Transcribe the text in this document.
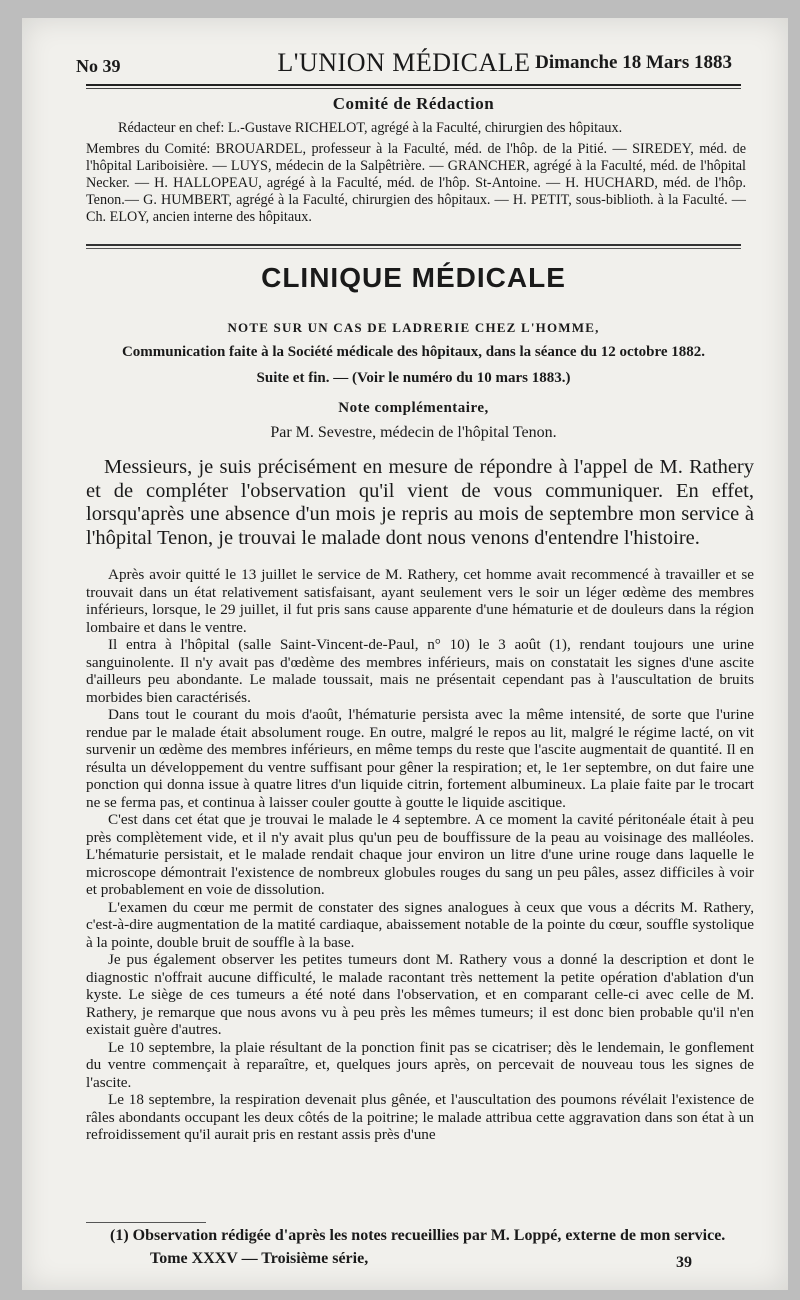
No 39	L'UNION MÉDICALE Dimanche 18 Mars 1883
Comité de Rédaction

Rédacteur en chef: L.-Gustave RICHELOT, agrégé à la Faculté, chirurgien des hôpitaux.

Membres du Comité: BROUARDEL, professeur à la Faculté, méd. de l'hôp. de la Pitié. — SIREDEY, méd. de l'hôpital Lariboisière. — LUYS, médecin de la Salpêtrière. — GRANCHER, agrégé à la Faculté, méd. de l'hôpital Necker. — H. HALLOPEAU, agrégé à la Faculté, méd. de l'hôp. St-Antoine. — H. HUCHARD, méd. de l'hôp. Tenon.— G. HUMBERT, agrégé à la Faculté, chirurgien des hôpitaux. — H. PETIT, sous-biblioth. à la Faculté. — Ch. ELOY, ancien interne des hôpitaux.

CLINIQUE MÉDICALE
NOTE SUR UN CAS DE LADRERIE CHEZ L'HOMME,
Communication faite à la Société médicale des hôpitaux, dans la séance du 12 octobre 1882.
Suite et fin. — (Voir le numéro du 10 mars 1883.)
Note complémentaire,
Par M. Sevestre, médecin de l'hôpital Tenon.

Messieurs, je suis précisément en mesure de répondre à l'appel de M. Rathery et de compléter l'observation qu'il vient de vous communiquer. En effet, lorsqu'après une absence d'un mois je repris au mois de septembre mon service à l'hôpital Tenon, je trouvai le malade dont nous venons d'entendre l'histoire.

Après avoir quitté le 13 juillet le service de M. Rathery, cet homme avait recommencé à travailler et se trouvait dans un état relativement satisfaisant, ayant seulement vers le soir un léger œdème des membres inférieurs, lorsque, le 29 juillet, il fut pris sans cause apparente d'une hématurie et de douleurs dans la région lombaire et dans le ventre.

Il entra à l'hôpital (salle Saint-Vincent-de-Paul, n° 10) le 3 août (1), rendant toujours une urine sanguinolente. Il n'y avait pas d'œdème des membres inférieurs, mais on constatait les signes d'une ascite d'ailleurs peu abondante. Le malade toussait, mais ne présentait cependant pas à l'auscultation de bruits morbides bien caractérisés.

Dans tout le courant du mois d'août, l'hématurie persista avec la même intensité, de sorte que l'urine rendue par le malade était absolument rouge. En outre, malgré le repos au lit, malgré le régime lacté, on vit survenir un œdème des membres inférieurs, en même temps du reste que l'ascite augmentait de quantité. Il en résulta un développement du ventre suffisant pour gêner la respiration; et, le 1er septembre, on dut faire une ponction qui donna issue à quatre litres d'un liquide citrin, fortement albumineux. La plaie faite par le trocart ne se ferma pas, et continua à laisser couler goutte à goutte le liquide ascitique.

C'est dans cet état que je trouvai le malade le 4 septembre. A ce moment la cavité péritonéale était à peu près complètement vide, et il n'y avait plus qu'un peu de bouffissure de la peau au voisinage des malléoles. L'hématurie persistait, et le malade rendait chaque jour environ un litre d'une urine rouge dans laquelle le microscope démontrait l'existence de nombreux globules rouges du sang un peu pâles, assez difficiles à voir et probablement en voie de dissolution.

L'examen du cœur me permit de constater des signes analogues à ceux que vous a décrits M. Rathery, c'est-à-dire augmentation de la matité cardiaque, abaissement notable de la pointe du cœur, souffle systolique à la pointe, double bruit de souffle à la base.

Je pus également observer les petites tumeurs dont M. Rathery vous a donné la description et dont le diagnostic n'offrait aucune difficulté, le malade racontant très nettement la petite opération d'ablation d'un kyste. Le siège de ces tumeurs a été noté dans l'observation, et en comparant celle-ci avec celle de M. Rathery, je remarque que nous avons vu à peu près les mêmes tumeurs; il est donc bien probable qu'il n'en existait guère d'autres.

Le 10 septembre, la plaie résultant de la ponction finit pas se cicatriser; dès le lendemain, le gonflement du ventre commençait à reparaître, et, quelques jours après, on percevait de nouveau tous les signes de l'ascite.

Le 18 septembre, la respiration devenait plus gênée, et l'auscultation des poumons révélait l'existence de râles abondants occupant les deux côtés de la poitrine; le malade attribua cette aggravation dans son état à un refroidissement qu'il aurait pris en restant assis près d'une

(1) Observation rédigée d'après les notes recueillies par M. Loppé, externe de mon service.
Tome XXXV — Troisième série,	39
